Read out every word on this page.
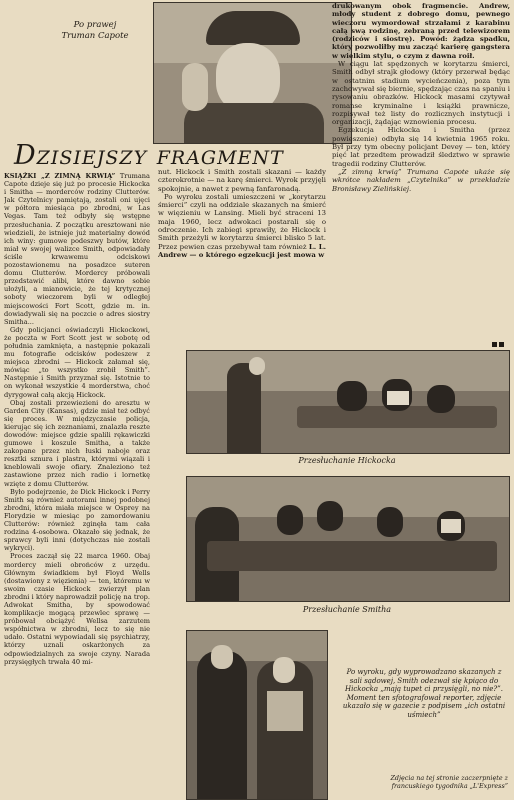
Po prawej
Truman Capote
Dzisiejszy fragment

KSIĄŻKI „Z ZIMNĄ KRWIĄ” Trumana Capote dzieje się już po procesie Hickocka i Smitha — morderców rodziny Clutterów. Jak Czytelnicy pamiętają, zostali oni ujęci w półtora miesiąca po zbrodni, w Las Vegas. Tam też odbyły się wstępne przesłuchania. Z początku aresztowani nie wiedzieli, że istnieje już materialny dowód ich winy: gumowe podeszwy butów, które miał w swojej walizce Smith, odpowiadały ściśle krwawemu odciskowi pozostawionemu na posadzce suteren domu Clutterów. Mordercy próbowali przedstawić alibi, które dawno sobie ułożyli, a mianowicie, że tej krytycznej soboty wieczorem byli w odległej miejscowości Fort Scott, gdzie m. in. dowiadywali się na poczcie o adres siostry Smitha...

Gdy policjanci oświadczyli Hickockowi, że poczta w Fort Scott jest w sobotę od południa zamknięta, a następnie pokazali mu fotografie odcisków podeszew z miejsca zbrodni — Hickock załamał się, mówiąc „to wszystko zrobił Smith”. Następnie i Smith przyznał się. Istotnie to on wykonał wszystkie 4 morderstwa, choć dyrygował całą akcją Hickock.

Obaj zostali przewiezieni do aresztu w Garden City (Kansas), gdzie miał też odbyć się proces. W międzyczasie policja, kierując się ich zeznaniami, znalazła reszte dowodów: miejsce gdzie spalili rękawiczki gumowe i koszule Smitha, a także zakopane przez nich łuski naboje oraz resztki sznura i plastra, którymi wiązali i kneblowali swoje ofiary. Znaleziono też zastawione przez nich radio i lornetkę wzięte z domu Clutterów.

Było podejrzenie, że Dick Hickock i Perry Smith są również autorami innej podobnej zbrodni, która miała miejsce w Osprey na Florydzie w miesiąc po zamordowaniu Clutterów: również zginęła tam cała rodzina 4-osobowa. Okazało się jednak, że sprawcy byli inni (dotychczas nie zostali wykryci).

Proces zaczął się 22 marca 1960. Obaj mordercy mieli obrońców z urzędu. Głównym świadkiem był Floyd Wells (dostawiony z więzienia) — ten, któremu w swoim czasie Hickock zwierzył plan zbrodni i który naprowadził policję na trop. Adwokat Smitha, by spowodować komplikacje mogącą przewlec sprawę — próbował obciążyć Wellsa zarzutem współnictwa w zbrodni, lecz to się nie udało. Ostatni wypowiadali się psychiatrzy, którzy uznali oskarżonych za odpowiedzialnych za swoje czyny. Narada przysięgłych trwała 40 mi-

nut. Hickock i Smith zostali skazani — każdy czterokrotnie — na karę śmierci. Wyrok przyjęli spokojnie, a nawet z pewną fanfaronadą.

Po wyroku zostali umieszczeni w „korytarzu śmierci” czyli na oddziale skazanych na śmierć w więzieniu w Lansing. Mieli być straceni 13 maja 1960, lecz adwokaci postarali się o odroczenie. Ich zabiegi sprawiły, że Hickock i Smith przeżyli w korytarzu śmierci blisko 5 lat. Przez pewien czas przebywał tam również L. L. Andrew — o którego egzekucji jest mowa w

drukowanym obok fragmencie. Andrew, młody student z dobrego domu, pewnego wieczoru wymordował strzałami z karabinu całą swą rodzinę, zebraną przed telewizorem (rodziców i siostrę). Powód: żądza spadku, który pozwoliłby mu zacząć karierę gangstera w wielkim stylu, o czym z dawna roił.

W ciągu lat spędzonych w korytarzu śmierci, Smith odbył strajk głodowy (który przerwał będąc w ostatnim stadium wycieńczenia), poza tym zachowywał się biernie, spędzając czas na spaniu i rysowaniu obrazków. Hickock masami czytywał romanse kryminalne i książki prawnicze, rozpisywał też listy do rozlicznych instytucji i organizacji, żądając wznowienia procesu.

Egzekucja Hickocka i Smitha (przez powieszenie) odbyła się 14 kwietnia 1965 roku. Był przy tym obecny policjant Devey — ten, który pięć lat przedtem prowadził śledztwo w sprawie tragedii rodziny Clutterów.

„Z zimną krwią” Trumana Capote ukaże się wkrótce nakładem „Czytelnika” w przekładzie Bronisławy Zielińskiej.

Przesłuchanie Hickocka
Przesłuchanie Smitha
Po wyroku, gdy wyprowadzano skazanych z sali sądowej, Smith odezwał się kpiąco do Hickocka „mają tupet ci przysięgli, no nie?”. Moment ten sfotografował reporter, zdjęcie ukazało się w gazecie z podpisem „ich ostatni uśmiech”
Zdjęcia na tej stronie zaczerpnięte z francuskiego tygodnika „L'Express”
